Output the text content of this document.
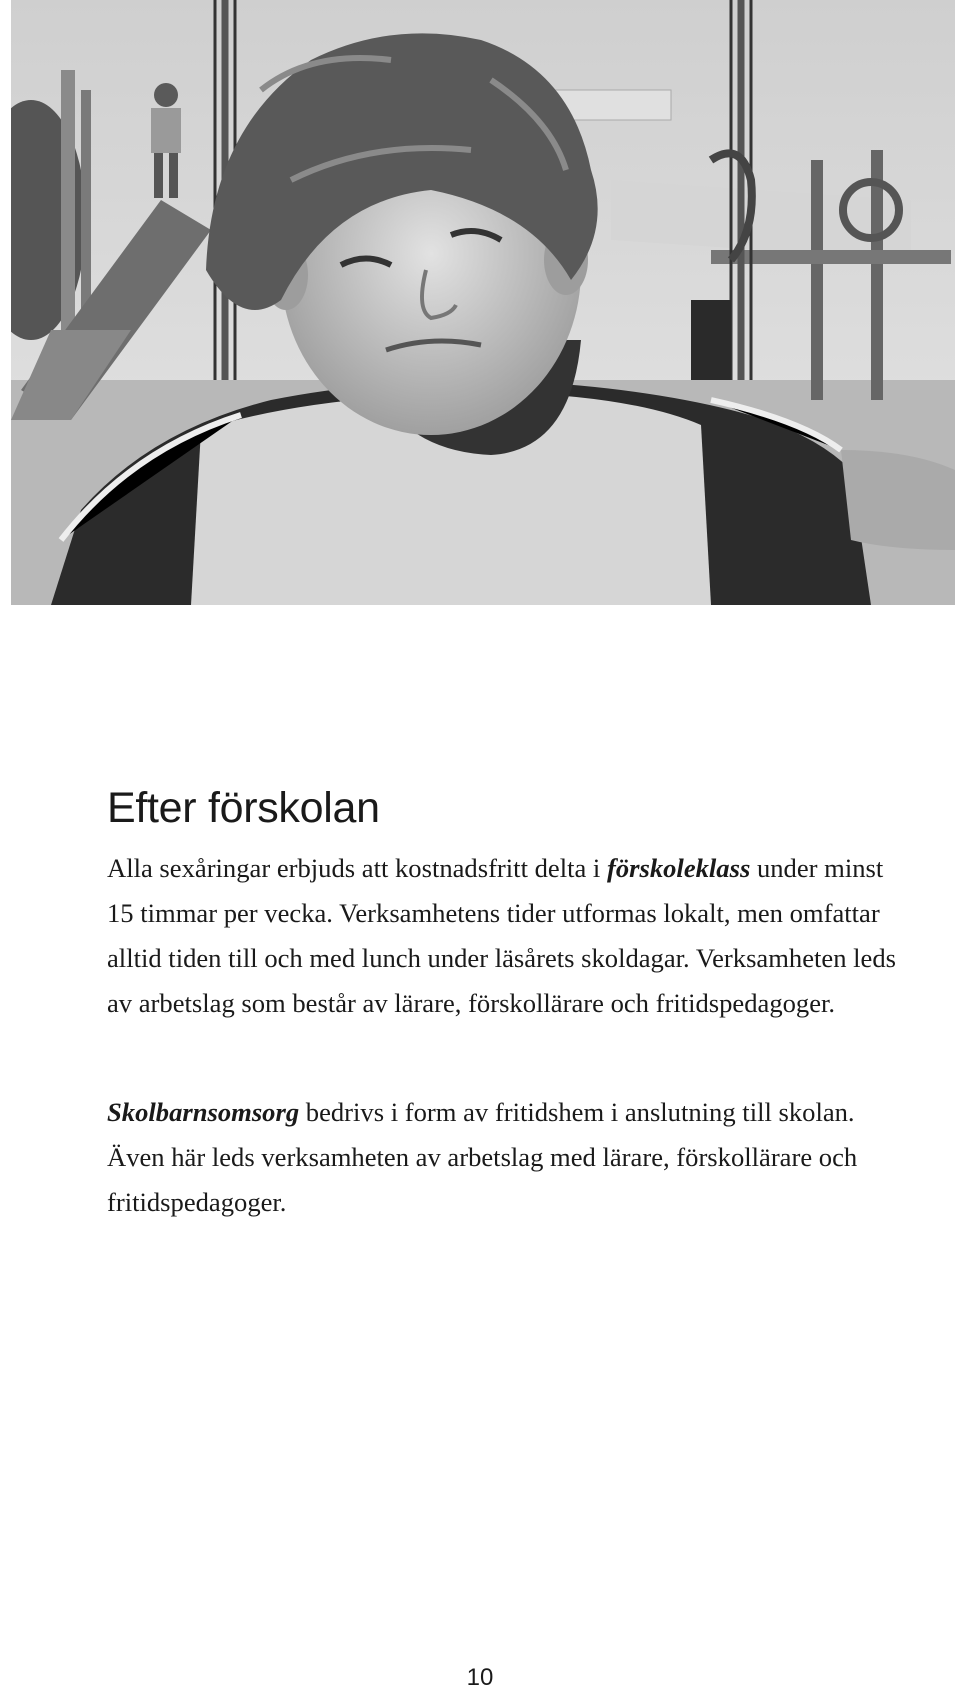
Efter förskolan

Alla sexåringar erbjuds att kostnadsfritt delta i förskoleklass under minst 15 timmar per vecka. Verksamhetens tider utformas lokalt, men omfattar alltid tiden till och med lunch under läsårets skoldagar. Verksamheten leds av arbetslag som består av lärare, förskollärare och fritidspedagoger.

Skolbarnsomsorg bedrivs i form av fritidshem i anslutning till skolan. Även här leds verksamheten av arbetslag med lärare, förskollärare och fritidspedagoger.

10
